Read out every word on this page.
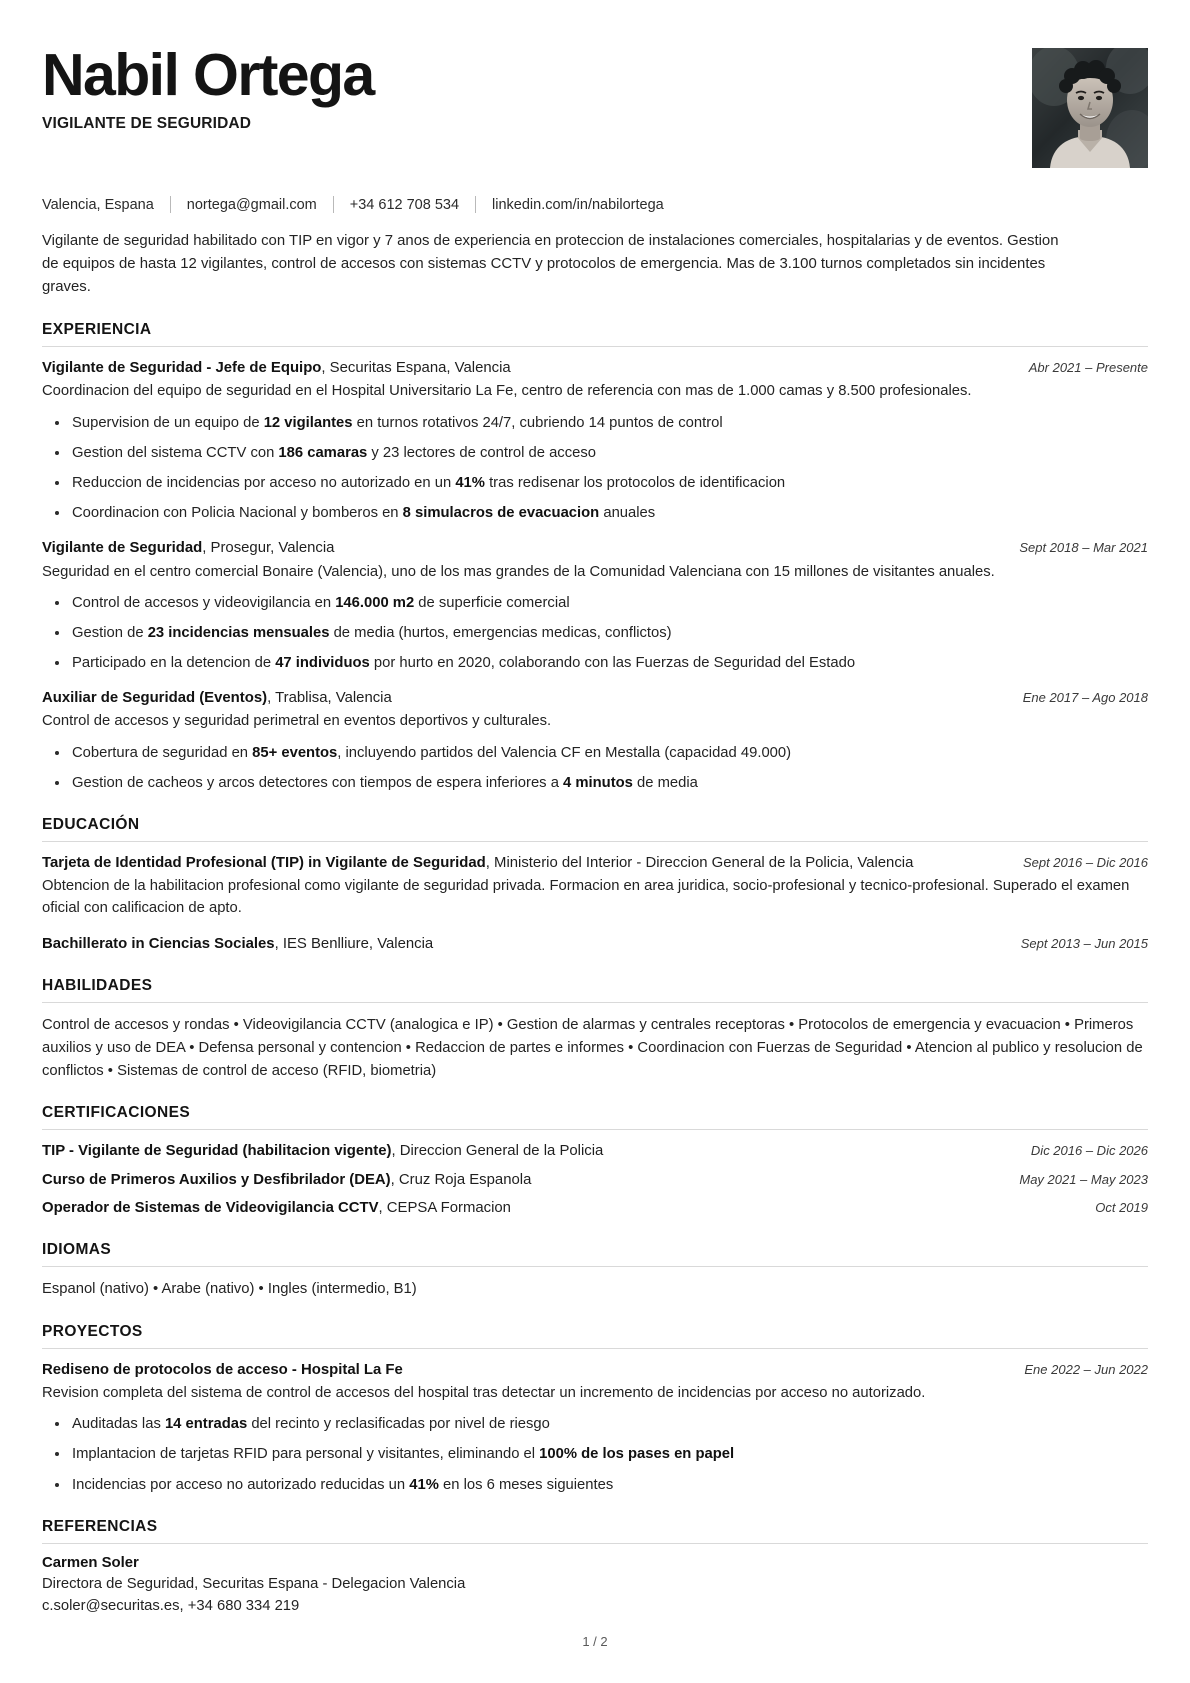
Nabil Ortega
VIGILANTE DE SEGURIDAD
Valencia, Espana nortega@gmail.com +34 612 708 534 linkedin.com/in/nabilortega
Vigilante de seguridad habilitado con TIP en vigor y 7 anos de experiencia en proteccion de instalaciones comerciales, hospitalarias y de eventos. Gestion de equipos de hasta 12 vigilantes, control de accesos con sistemas CCTV y protocolos de emergencia. Mas de 3.100 turnos completados sin incidentes graves.
EXPERIENCIA
Vigilante de Seguridad - Jefe de Equipo, Securitas Espana, Valencia	Abr 2021 – Presente
Coordinacion del equipo de seguridad en el Hospital Universitario La Fe, centro de referencia con mas de 1.000 camas y 8.500 profesionales.
Supervision de un equipo de 12 vigilantes en turnos rotativos 24/7, cubriendo 14 puntos de control
Gestion del sistema CCTV con 186 camaras y 23 lectores de control de acceso
Reduccion de incidencias por acceso no autorizado en un 41% tras redisenar los protocolos de identificacion
Coordinacion con Policia Nacional y bomberos en 8 simulacros de evacuacion anuales
Vigilante de Seguridad, Prosegur, Valencia	Sept 2018 – Mar 2021
Seguridad en el centro comercial Bonaire (Valencia), uno de los mas grandes de la Comunidad Valenciana con 15 millones de visitantes anuales.
Control de accesos y videovigilancia en 146.000 m2 de superficie comercial
Gestion de 23 incidencias mensuales de media (hurtos, emergencias medicas, conflictos)
Participado en la detencion de 47 individuos por hurto en 2020, colaborando con las Fuerzas de Seguridad del Estado
Auxiliar de Seguridad (Eventos), Trablisa, Valencia	Ene 2017 – Ago 2018
Control de accesos y seguridad perimetral en eventos deportivos y culturales.
Cobertura de seguridad en 85+ eventos, incluyendo partidos del Valencia CF en Mestalla (capacidad 49.000)
Gestion de cacheos y arcos detectores con tiempos de espera inferiores a 4 minutos de media
EDUCACIÓN
Tarjeta de Identidad Profesional (TIP) in Vigilante de Seguridad, Ministerio del Interior - Direccion General de la Policia, Valencia	Sept 2016 – Dic 2016
Obtencion de la habilitacion profesional como vigilante de seguridad privada. Formacion en area juridica, socio-profesional y tecnico-profesional. Superado el examen oficial con calificacion de apto.
Bachillerato in Ciencias Sociales, IES Benlliure, Valencia	Sept 2013 – Jun 2015
HABILIDADES
Control de accesos y rondas • Videovigilancia CCTV (analogica e IP) • Gestion de alarmas y centrales receptoras • Protocolos de emergencia y evacuacion • Primeros auxilios y uso de DEA • Defensa personal y contencion • Redaccion de partes e informes • Coordinacion con Fuerzas de Seguridad • Atencion al publico y resolucion de conflictos • Sistemas de control de acceso (RFID, biometria)
CERTIFICACIONES
TIP - Vigilante de Seguridad (habilitacion vigente), Direccion General de la Policia	Dic 2016 – Dic 2026
Curso de Primeros Auxilios y Desfibrilador (DEA), Cruz Roja Espanola	May 2021 – May 2023
Operador de Sistemas de Videovigilancia CCTV, CEPSA Formacion	Oct 2019
IDIOMAS
Espanol (nativo) • Arabe (nativo) • Ingles (intermedio, B1)
PROYECTOS
Rediseno de protocolos de acceso - Hospital La Fe	Ene 2022 – Jun 2022
Revision completa del sistema de control de accesos del hospital tras detectar un incremento de incidencias por acceso no autorizado.
Auditadas las 14 entradas del recinto y reclasificadas por nivel de riesgo
Implantacion de tarjetas RFID para personal y visitantes, eliminando el 100% de los pases en papel
Incidencias por acceso no autorizado reducidas un 41% en los 6 meses siguientes
REFERENCIAS
Carmen Soler
Directora de Seguridad, Securitas Espana - Delegacion Valencia
c.soler@securitas.es, +34 680 334 219
1 / 2
